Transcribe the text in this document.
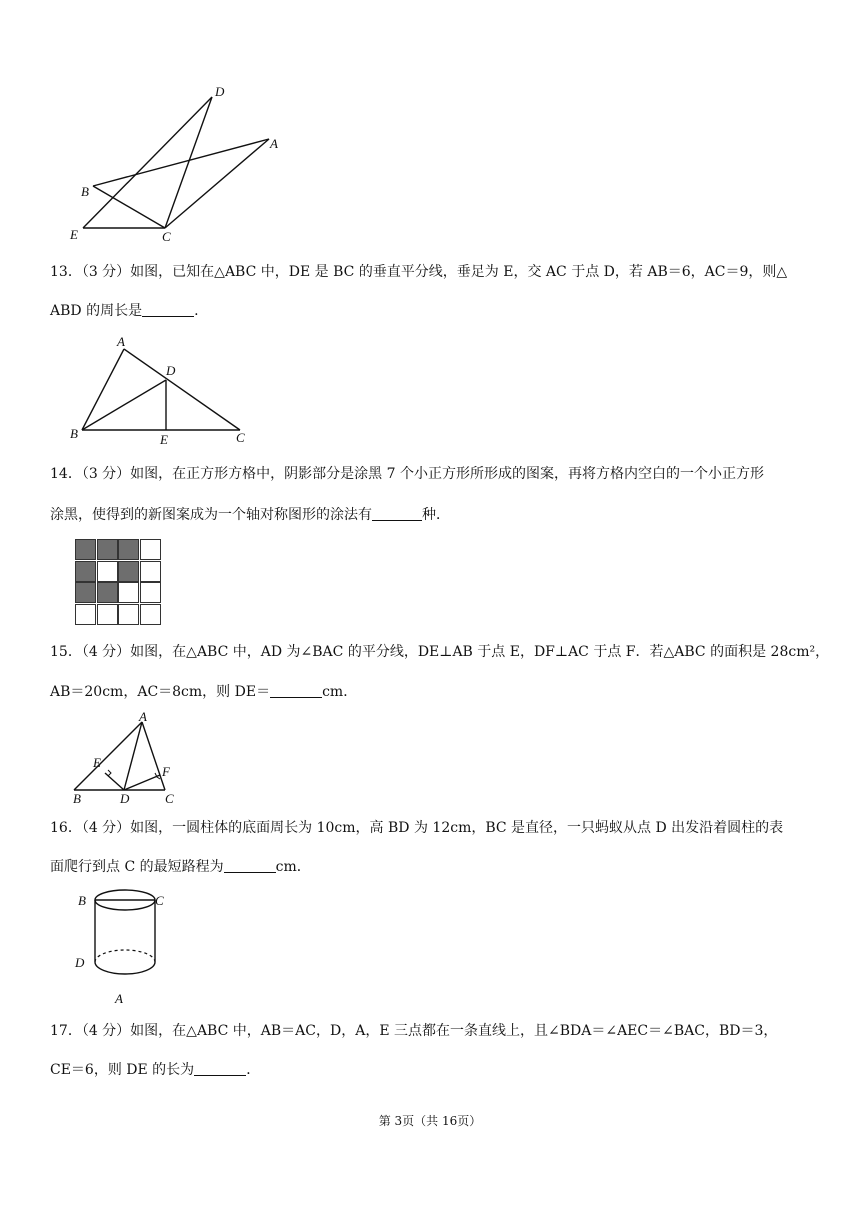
D
A
B
E	C
13．（3 分）如图，已知在△ABC 中，DE 是 BC 的垂直平分线，垂足为 E，交 AC 于点 D，若 AB＝6，AC＝9，则△
ABD 的周长是	.
A
D
B	E	C
14．（3 分）如图，在正方形方格中，阴影部分是涂黑 7 个小正方形所形成的图案，再将方格内空白的一个小正方形
涂黑，使得到的新图案成为一个轴对称图形的涂法有	种．
15．（4 分）如图，在△ABC 中，AD 为∠BAC 的平分线，DE⊥AB 于点 E，DF⊥AC 于点 F．若△ABC 的面积是 28cm²，
AB＝20cm，AC＝8cm，则 DE＝	cm．
A
E
F
B	D	C
16．（4 分）如图，一圆柱体的底面周长为 10cm，高 BD 为 12cm，BC 是直径，一只蚂蚁从点 D 出发沿着圆柱的表
面爬行到点 C 的最短路程为	cm．
B	C
D
A
17．（4 分）如图，在△ABC 中，AB＝AC，D，A，E 三点都在一条直线上，且∠BDA＝∠AEC＝∠BAC，BD＝3，
CE＝6，则 DE 的长为	．
第 3页（共 16页）
